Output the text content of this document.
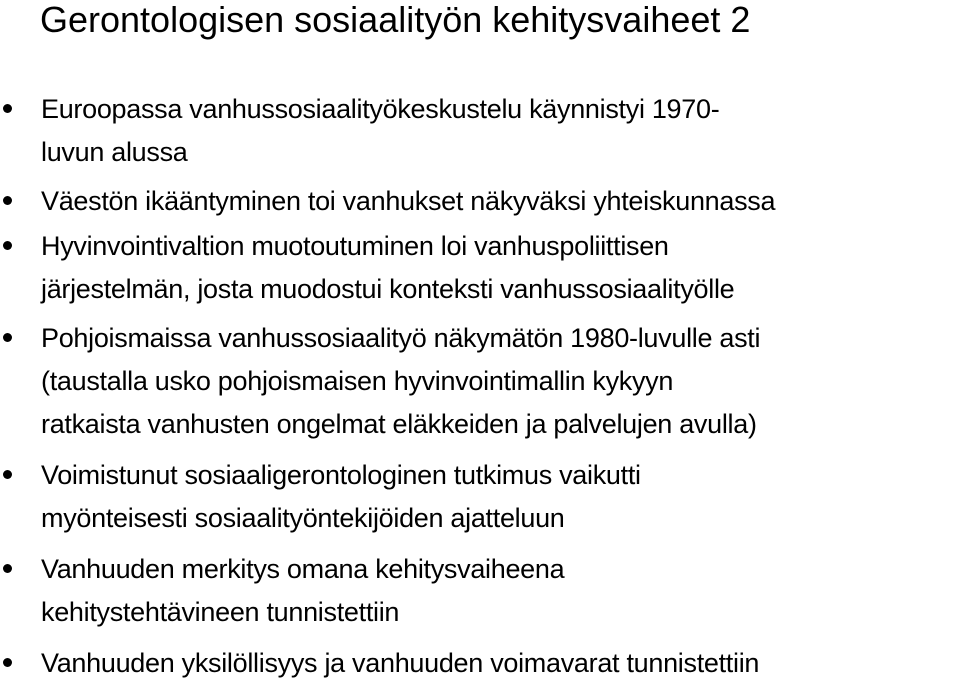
Gerontologisen sosiaalityön kehitysvaiheet 2
Euroopassa vanhussosiaalityökeskustelu käynnistyi 1970-
luvun alussa
Väestön ikääntyminen toi vanhukset näkyväksi yhteiskunnassa
Hyvinvointivaltion muotoutuminen loi vanhuspoliittisen
järjestelmän, josta muodostui konteksti vanhussosiaalityölle
Pohjoismaissa vanhussosiaalityö näkymätön 1980-luvulle asti
(taustalla usko pohjoismaisen hyvinvointimallin kykyyn
ratkaista vanhusten ongelmat eläkkeiden ja palvelujen avulla)
Voimistunut sosiaaligerontologinen tutkimus vaikutti
myönteisesti sosiaalityöntekijöiden ajatteluun
Vanhuuden merkitys omana kehitysvaiheena
kehitystehtävineen tunnistettiin
Vanhuuden yksilöllisyys ja vanhuuden voimavarat tunnistettiin
